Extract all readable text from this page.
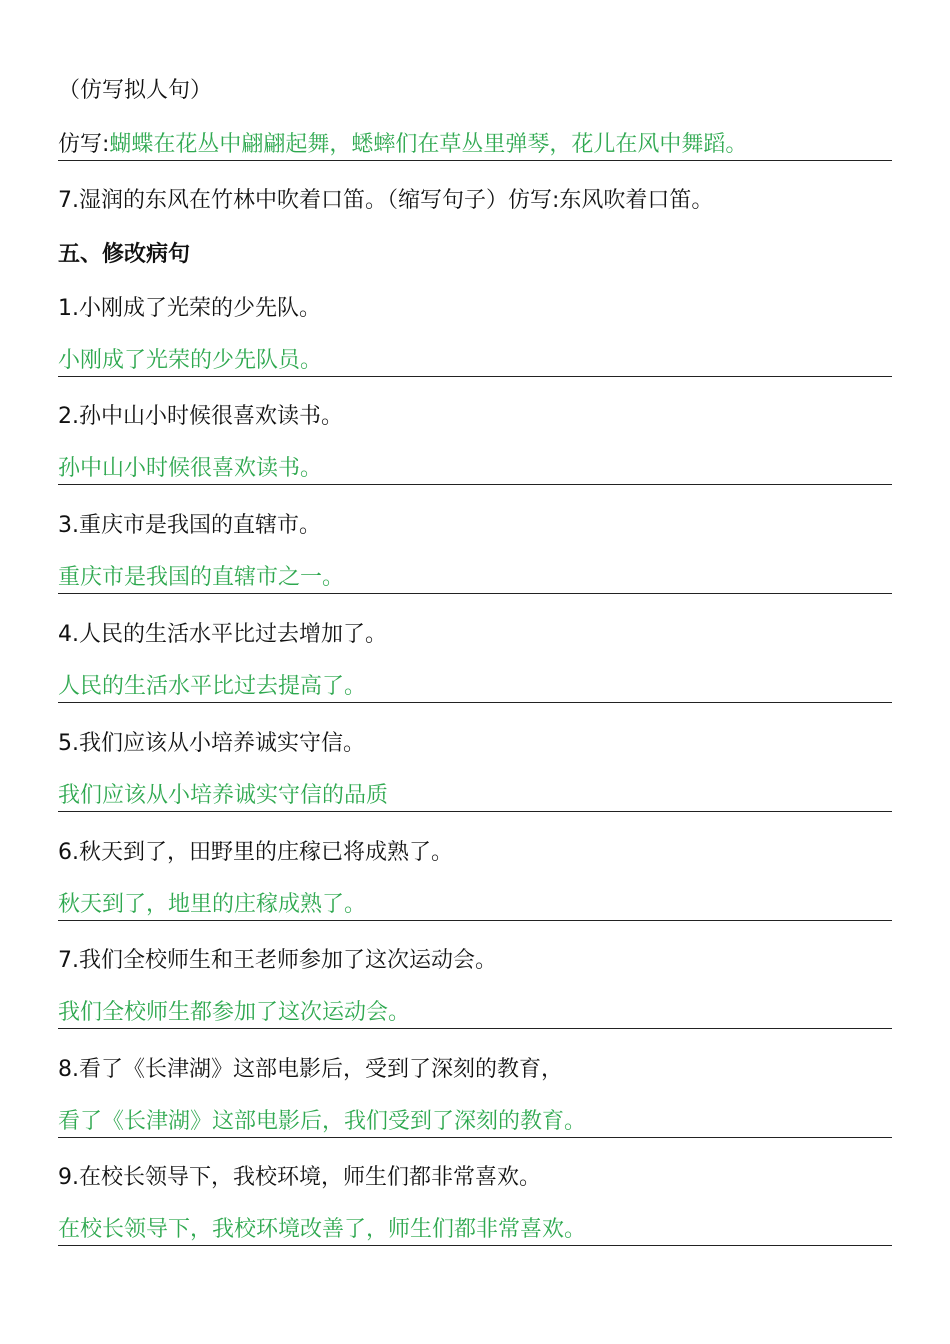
（仿写拟人句）
仿写:蝴蝶在花丛中翩翩起舞，蟋蟀们在草丛里弹琴，花儿在风中舞蹈。
7.湿润的东风在竹林中吹着口笛。（缩写句子）仿写:东风吹着口笛。
五、修改病句
1.小刚成了光荣的少先队。
小刚成了光荣的少先队员。
2.孙中山小时候很喜欢读书。
孙中山小时候很喜欢读书。
3.重庆市是我国的直辖市。
重庆市是我国的直辖市之一。
4.人民的生活水平比过去增加了。
人民的生活水平比过去提高了。
5.我们应该从小培养诚实守信。
我们应该从小培养诚实守信的品质
6.秋天到了，田野里的庄稼已将成熟了。
秋天到了，地里的庄稼成熟了。
7.我们全校师生和王老师参加了这次运动会。
我们全校师生都参加了这次运动会。
8.看了《长津湖》这部电影后，受到了深刻的教育，
看了《长津湖》这部电影后，我们受到了深刻的教育。
9.在校长领导下，我校环境，师生们都非常喜欢。
在校长领导下，我校环境改善了，师生们都非常喜欢。
